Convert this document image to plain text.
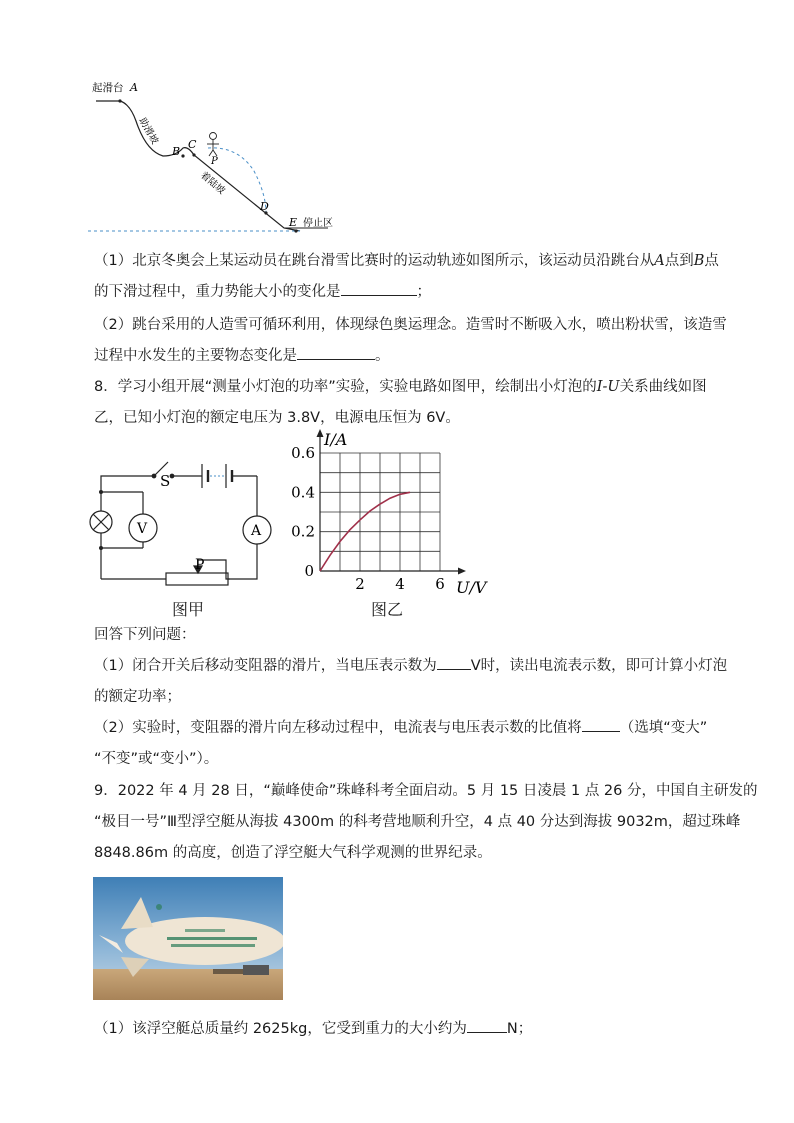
起滑台 A
B
C
P
D
E 停止区
助滑坡
着陆坡
（1）北京冬奥会上某运动员在跳台滑雪比赛时的运动轨迹如图所示，该运动员沿跳台从A点到B点
的下滑过程中，重力势能大小的变化是	；
（2）跳台采用的人造雪可循环利用，体现绿色奥运理念。造雪时不断吸入水，喷出粉状雪，该造雪
过程中水发生的主要物态变化是	。
8．学习小组开展“测量小灯泡的功率”实验，实验电路如图甲，绘制出小灯泡的I-U关系曲线如图
乙，已知小灯泡的额定电压为 3.8V，电源电压恒为 6V。
S
V	A
P
图甲
2 4 6
0.2
0.4
0.6
0
I/A
U/V
图乙
回答下列问题：
（1）闭合开关后移动变阻器的滑片，当电压表示数为 V时，读出电流表示数，即可计算小灯泡
的额定功率；
（2）实验时，变阻器的滑片向左移动过程中，电流表与电压表示数的比值将	（选填“变大”
“不变”或“变小”）。
9．2022 年 4 月 28 日，“巅峰使命”珠峰科考全面启动。5 月 15 日凌晨 1 点 26 分，中国自主研发的
“极目一号”Ⅲ型浮空艇从海拔 4300m 的科考营地顺利升空，4 点 40 分达到海拔 9032m，超过珠峰
8848.86m 的高度，创造了浮空艇大气科学观测的世界纪录。
（1）该浮空艇总质量约 2625kg，它受到重力的大小约为	N；
